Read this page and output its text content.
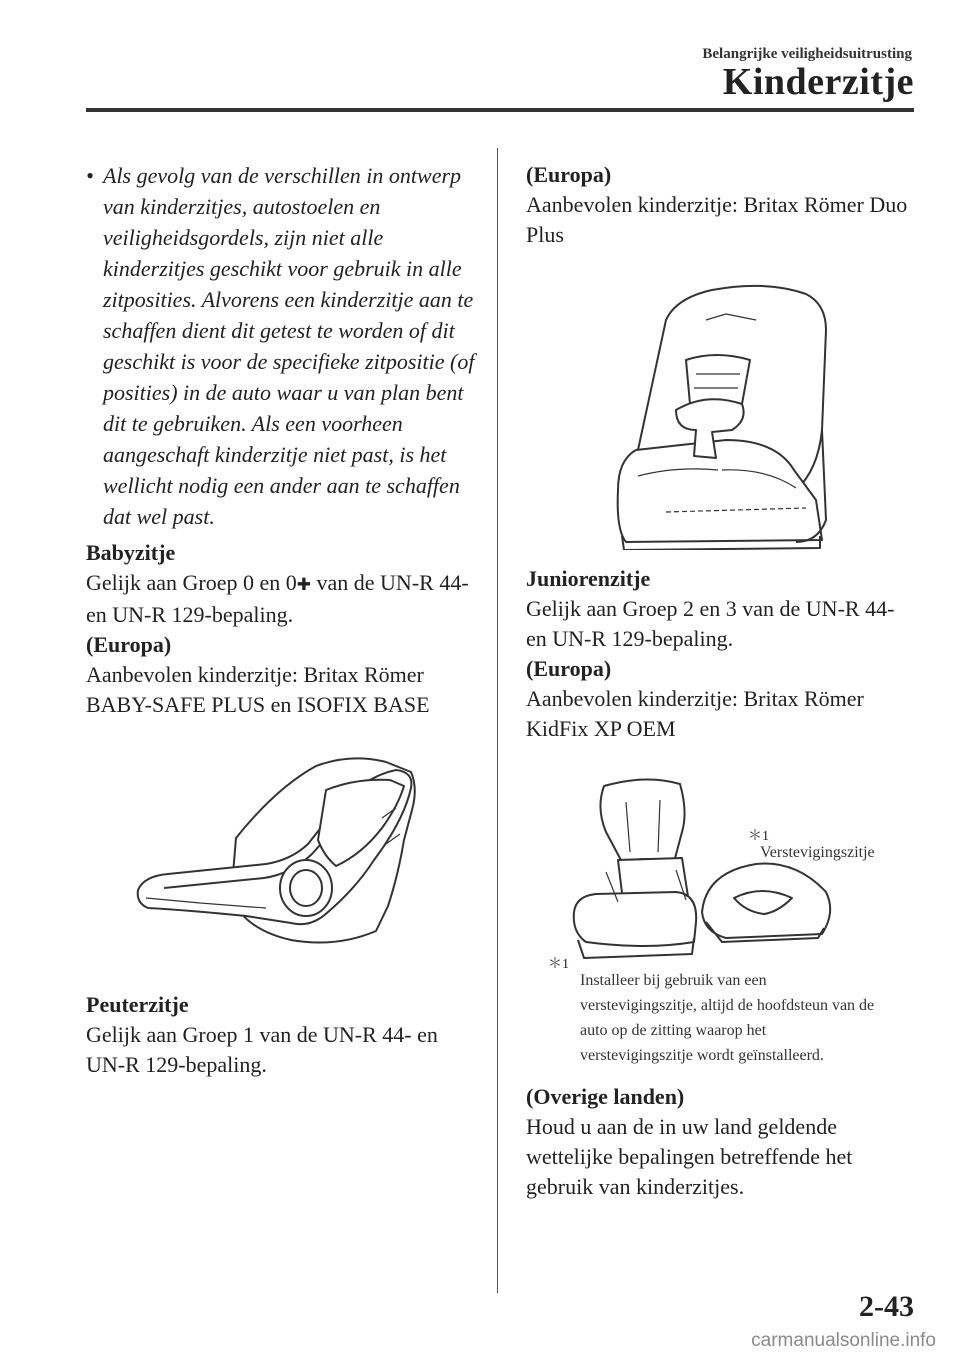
Belangrijke veiligheidsuitrusting
Kinderzitje
• Als gevolg van de verschillen in ontwerp van kinderzitjes, autostoelen en veiligheidsgordels, zijn niet alle kinderzitjes geschikt voor gebruik in alle zitposities. Alvorens een kinderzitje aan te schaffen dient dit getest te worden of dit geschikt is voor de specifieke zitpositie (of posities) in de auto waar u van plan bent dit te gebruiken. Als een voorheen aangeschaft kinderzitje niet past, is het wellicht nodig een ander aan te schaffen dat wel past.

Babyzitje

Gelijk aan Groep 0 en 0✚ van de UN-R 44- en UN-R 129-bepaling.

(Europa)

Aanbevolen kinderzitje: Britax Römer BABY-SAFE PLUS en ISOFIX BASE

Peuterzitje

Gelijk aan Groep 1 van de UN-R 44- en UN-R 129-bepaling.

(Europa)

Aanbevolen kinderzitje: Britax Römer Duo Plus

Juniorenzitje

Gelijk aan Groep 2 en 3 van de UN-R 44- en UN-R 129-bepaling.

(Europa)

Aanbevolen kinderzitje: Britax Römer KidFix XP OEM

＊1
Verstevigingszitje
＊1

Installeer bij gebruik van een verstevigingszitje, altijd de hoofdsteun van de auto op de zitting waarop het verstevigingszitje wordt geïnstalleerd.

(Overige landen)

Houd u aan de in uw land geldende wettelijke bepalingen betreffende het gebruik van kinderzitjes.

2-43
carmanualsonline.info
